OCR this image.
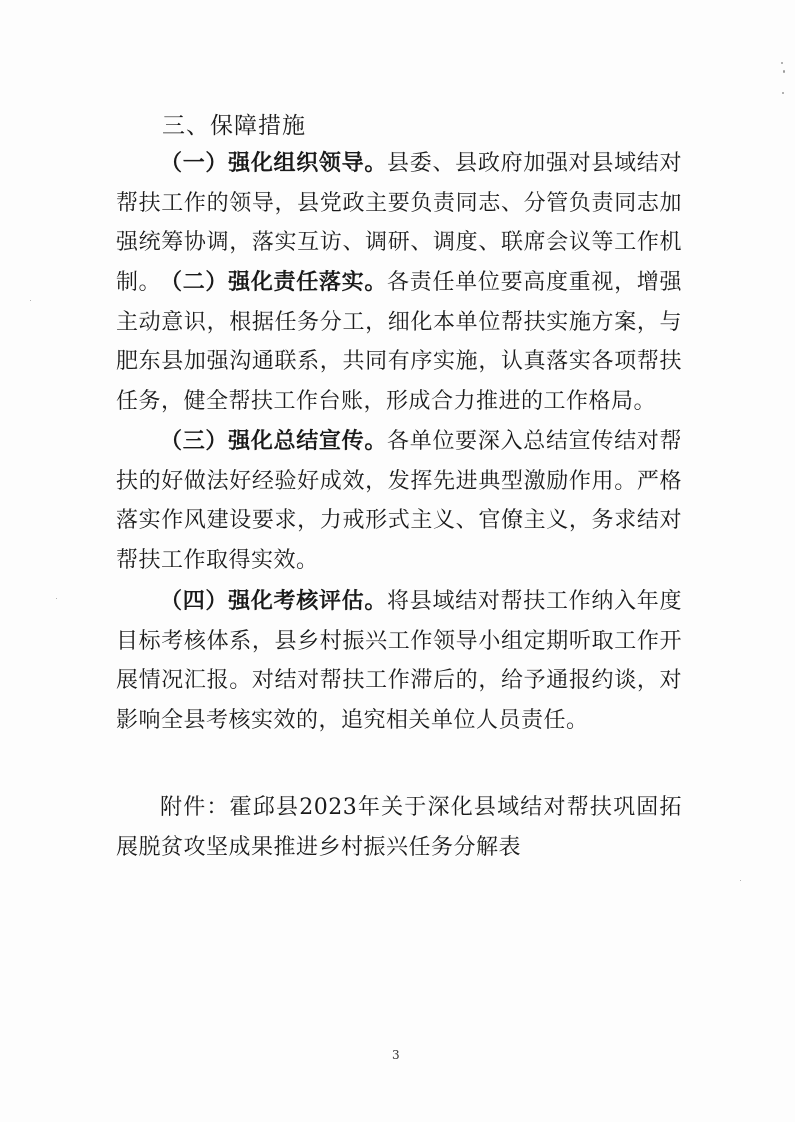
三、保障措施

（一）强化组织领导。县委、县政府加强对县域结对帮扶工作的领导，县党政主要负责同志、分管负责同志加强统筹协调，落实互访、调研、调度、联席会议等工作机制。

（二）强化责任落实。各责任单位要高度重视，增强主动意识，根据任务分工，细化本单位帮扶实施方案，与肥东县加强沟通联系，共同有序实施，认真落实各项帮扶任务，健全帮扶工作台账，形成合力推进的工作格局。

（三）强化总结宣传。各单位要深入总结宣传结对帮扶的好做法好经验好成效，发挥先进典型激励作用。严格落实作风建设要求，力戒形式主义、官僚主义，务求结对帮扶工作取得实效。

（四）强化考核评估。将县域结对帮扶工作纳入年度目标考核体系，县乡村振兴工作领导小组定期听取工作开展情况汇报。对结对帮扶工作滞后的，给予通报约谈，对影响全县考核实效的，追究相关单位人员责任。

附件：霍邱县2023年关于深化县域结对帮扶巩固拓展脱贫攻坚成果推进乡村振兴任务分解表

3
